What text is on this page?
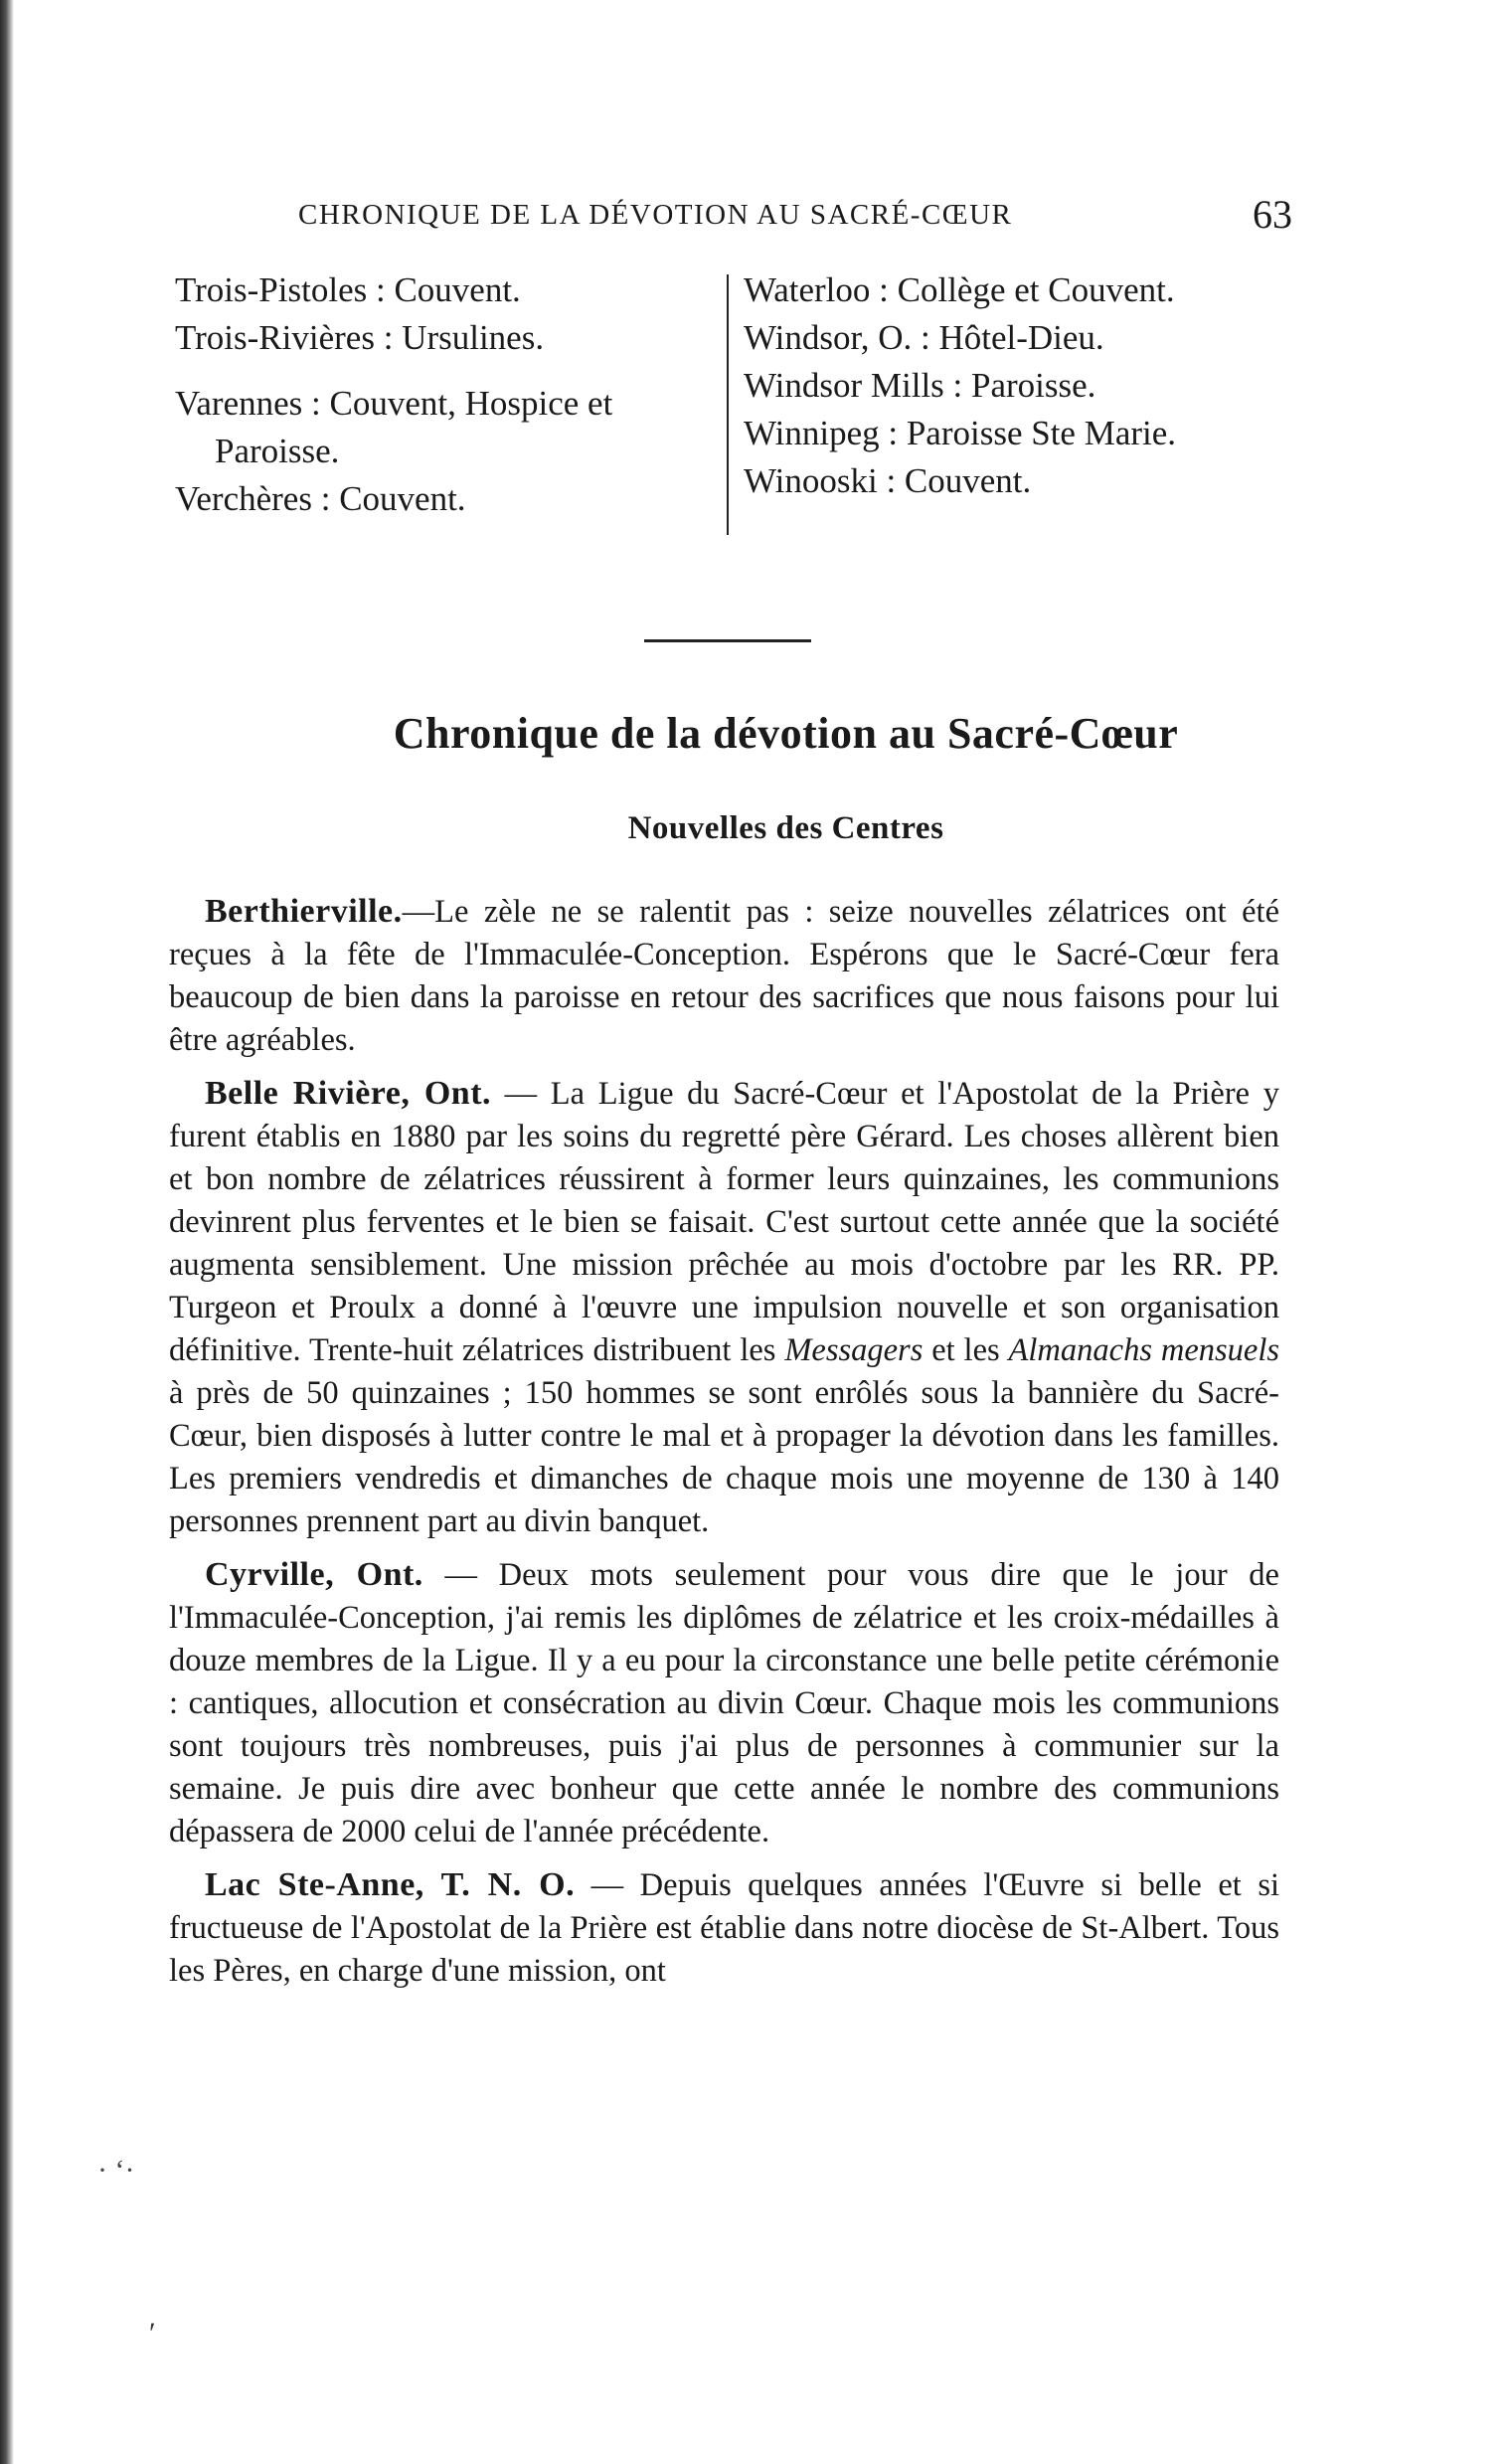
CHRONIQUE DE LA DÉVOTION AU SACRÉ-CŒUR	63
Trois-Pistoles : Couvent.
Trois-Rivières : Ursulines.
Varennes : Couvent, Hospice et Paroisse.
Verchères : Couvent.
Waterloo : Collège et Couvent.
Windsor, O. : Hôtel-Dieu.
Windsor Mills : Paroisse.
Winnipeg : Paroisse Ste Marie.
Winooski : Couvent.
Chronique de la dévotion au Sacré-Cœur
Nouvelles des Centres

Berthierville.—Le zèle ne se ralentit pas : seize nouvelles zélatrices ont été reçues à la fête de l'Immaculée-Conception. Espérons que le Sacré-Cœur fera beaucoup de bien dans la paroisse en retour des sacrifices que nous faisons pour lui être agréables.

Belle Rivière, Ont. — La Ligue du Sacré-Cœur et l'Apostolat de la Prière y furent établis en 1880 par les soins du regretté père Gérard. Les choses allèrent bien et bon nombre de zélatrices réussirent à former leurs quinzaines, les communions devinrent plus ferventes et le bien se faisait. C'est surtout cette année que la société augmenta sensiblement. Une mission prêchée au mois d'octobre par les RR. PP. Turgeon et Proulx a donné à l'œuvre une impulsion nouvelle et son organisation définitive. Trente-huit zélatrices distribuent les Messagers et les Almanachs mensuels à près de 50 quinzaines ; 150 hommes se sont enrôlés sous la bannière du Sacré-Cœur, bien disposés à lutter contre le mal et à propager la dévotion dans les familles. Les premiers vendredis et dimanches de chaque mois une moyenne de 130 à 140 personnes prennent part au divin banquet.

Cyrville, Ont. — Deux mots seulement pour vous dire que le jour de l'Immaculée-Conception, j'ai remis les diplômes de zélatrice et les croix-médailles à douze membres de la Ligue. Il y a eu pour la circonstance une belle petite cérémonie : cantiques, allocution et consécration au divin Cœur. Chaque mois les communions sont toujours très nombreuses, puis j'ai plus de personnes à communier sur la semaine. Je puis dire avec bonheur que cette année le nombre des communions dépassera de 2000 celui de l'année précédente.

Lac Ste-Anne, T. N. O. — Depuis quelques années l'Œuvre si belle et si fructueuse de l'Apostolat de la Prière est établie dans notre diocèse de St-Albert. Tous les Pères, en charge d'une mission, ont

· ‘·
′
